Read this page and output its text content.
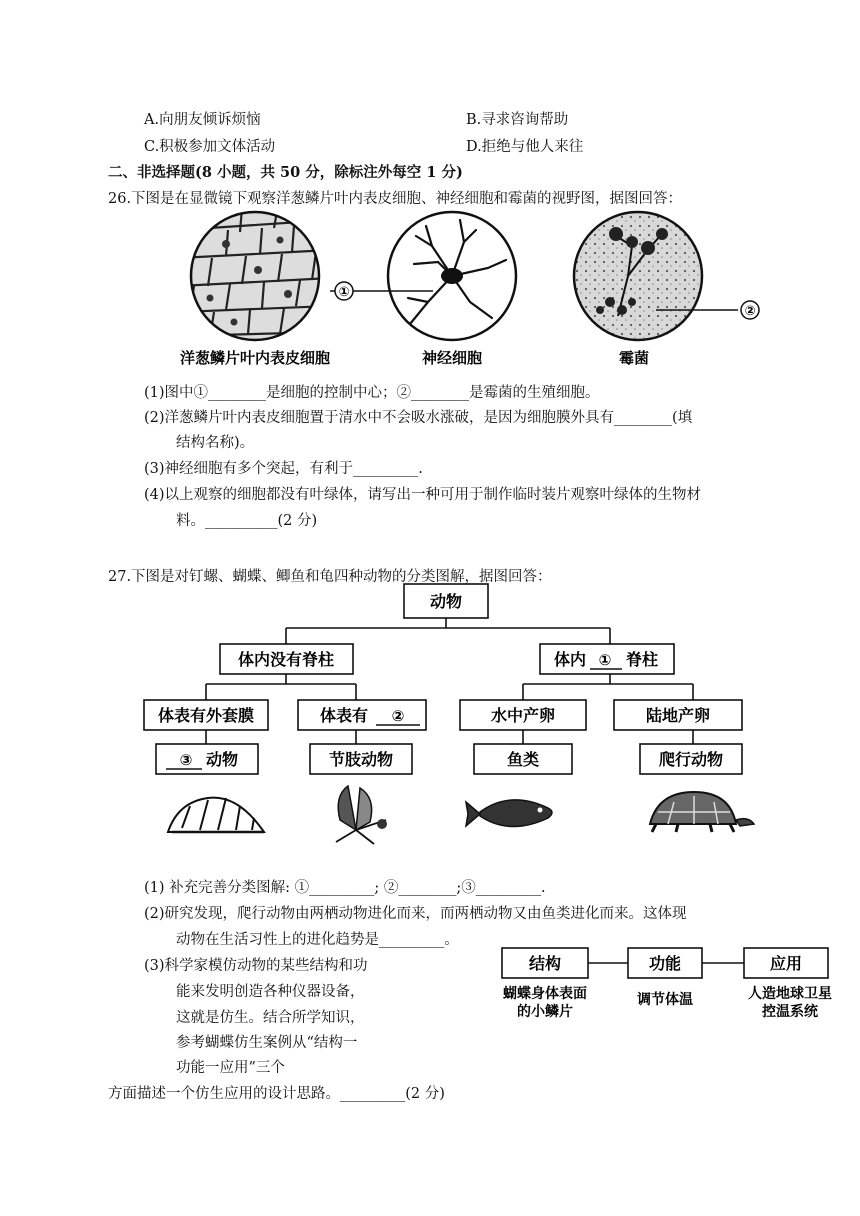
A.向朋友倾诉烦恼	B.寻求咨询帮助
C.积极参加文体活动	D.拒绝与他人来往
二、非选择题(8 小题，共 50 分，除标注外每空 1 分)
26.下图是在显微镜下观察洋葱鳞片叶内表皮细胞、神经细胞和霉菌的视野图，据图回答：
①
②
洋葱鳞片叶内表皮细胞	神经细胞	霉菌
(1)图中①________是细胞的控制中心；②________是霉菌的生殖细胞。
(2)洋葱鳞片叶内表皮细胞置于清水中不会吸水涨破，是因为细胞膜外具有________(填
结构名称)。
(3)神经细胞有多个突起，有利于_________.
(4)以上观察的细胞都没有叶绿体，请写出一种可用于制作临时装片观察叶绿体的生物材
料。__________(2 分)
27.下图是对钉螺、蝴蝶、鲫鱼和龟四种动物的分类图解，据图回答：
动物
体内没有脊柱	体内 ① 脊柱
体表有外套膜	体表有 ②	水中产卵	陆地产卵
③ 动物	节肢动物	鱼类	爬行动物
(1) 补充完善分类图解: ①_________; ②________;③_________.
(2)研究发现，爬行动物由两栖动物进化而来，而两栖动物又由鱼类进化而来。这体现
动物在生活习性上的进化趋势是_________。
(3)科学家模仿动物的某些结构和功
能来发明创造各种仪器设备，
这就是仿生。结合所学知识，
参考蝴蝶仿生案例从“结构一
功能一应用”三个
方面描述一个仿生应用的设计思路。_________(2 分)
结构	功能	应用
蝴蝶身体表面
的小鳞片
调节体温	人造地球卫星
控温系统
